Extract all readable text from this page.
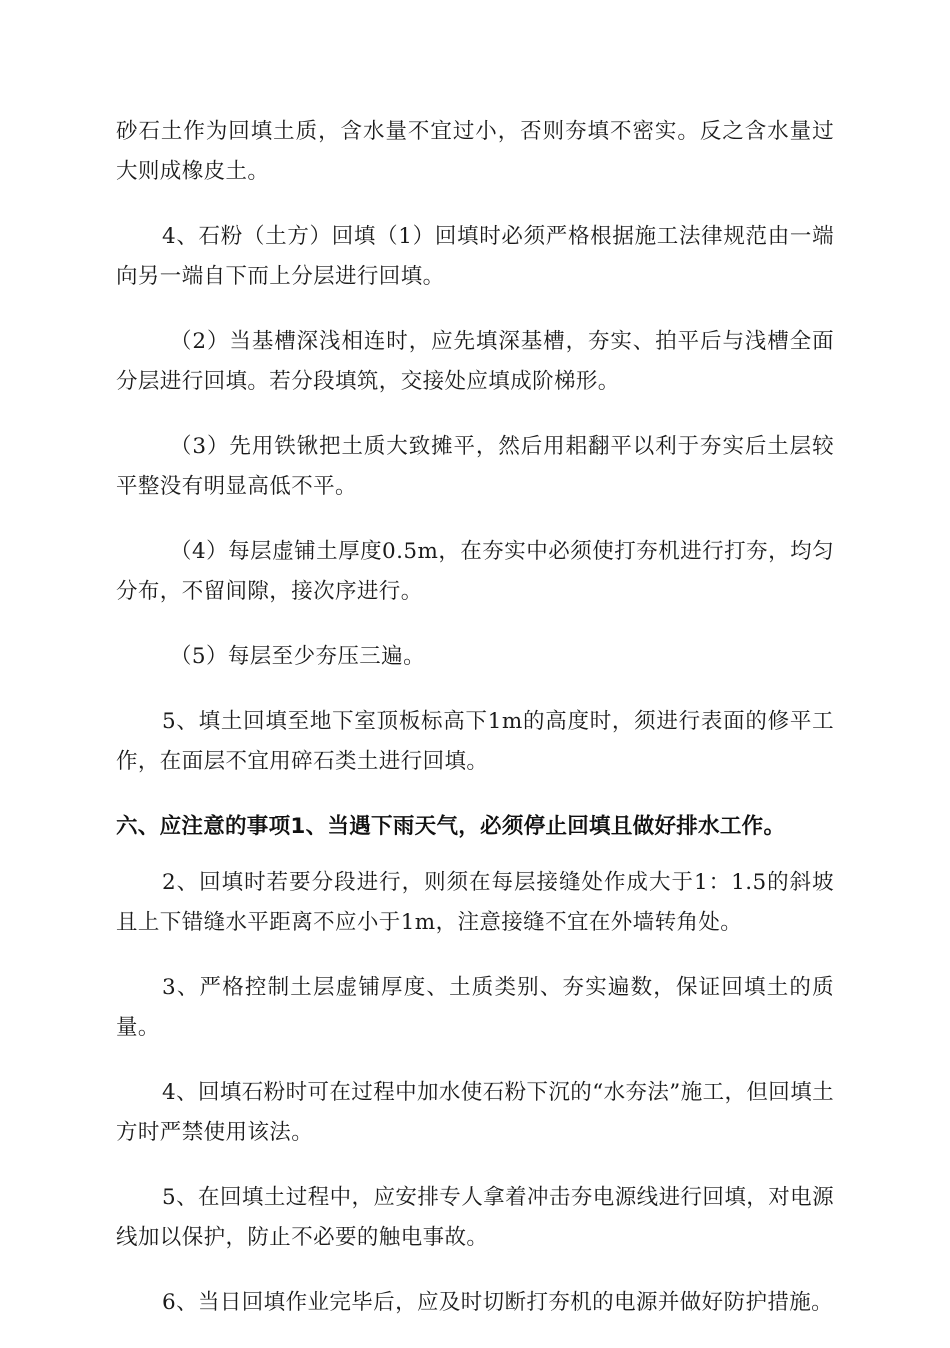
砂石土作为回填土质，含水量不宜过小，否则夯填不密实。反之含水量过大则成橡皮土。

4、石粉（土方）回填（1）回填时必须严格根据施工法律规范由一端向另一端自下而上分层进行回填。

（2）当基槽深浅相连时，应先填深基槽，夯实、拍平后与浅槽全面分层进行回填。若分段填筑，交接处应填成阶梯形。

（3）先用铁锹把土质大致摊平，然后用耜翻平以利于夯实后土层较平整没有明显高低不平。

（4）每层虚铺土厚度0.5m，在夯实中必须使打夯机进行打夯，均匀分布，不留间隙，接次序进行。

（5）每层至少夯压三遍。

5、填土回填至地下室顶板标高下1m的高度时，须进行表面的修平工作，在面层不宜用碎石类土进行回填。

六、应注意的事项1、当遇下雨天气，必须停止回填且做好排水工作。

2、回填时若要分段进行，则须在每层接缝处作成大于1：1.5的斜坡且上下错缝水平距离不应小于1m，注意接缝不宜在外墙转角处。

3、严格控制土层虚铺厚度、土质类别、夯实遍数，保证回填土的质量。

4、回填石粉时可在过程中加水使石粉下沉的“水夯法”施工，但回填土方时严禁使用该法。

5、在回填土过程中，应安排专人拿着冲击夯电源线进行回填，对电源线加以保护，防止不必要的触电事故。

6、当日回填作业完毕后，应及时切断打夯机的电源并做好防护措施。
